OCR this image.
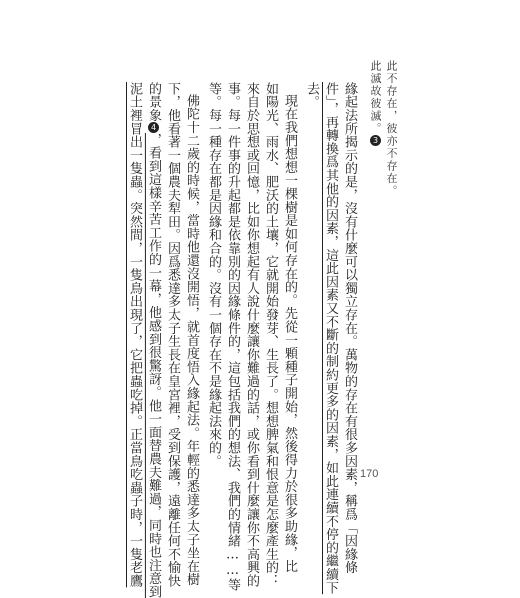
此不存在，彼亦不存在。
此滅故彼滅。3
緣起法所揭示的是，沒有什麼可以獨立存在。萬物的存在有很多因素，稱爲「因緣條
件」，再轉換爲其他的因素，這此因素又不斷的制約更多的因素，如此連續不停的繼續下
去。
現在我們想想一棵樹是如何存在的。先從一顆種子開始，然後得力於很多助緣，比
如陽光、雨水、肥沃的土壤，它就開始發芽、生長了。想想脾氣和恨意是怎麼產生的：
來自於思想或回憶，比如你想起有人說什麼讓你難過的話，或你看到什麼讓你不高興的
事。每一件事的升起都是依靠別的因緣條件的，這包括我們的想法、我們的情緒……等
等。每一種存在都是因緣和合的。沒有一個存在不是緣起法來的。
佛陀十二歲的時候，當時他還沒開悟，就首度悟入緣起法。年輕的悉達多太子坐在樹
下，他看著一個農夫犁田。因爲悉達多太子生長在皇宮裡，受到保護，遠離任何不愉快
的景象4，看到這樣辛苦工作的一幕，他感到很驚訝。他一面替農夫難過，同時也注意到
泥土裡冒出一隻蟲。突然間，一隻鳥出現了，它把蟲吃掉。正當鳥吃蟲子時，一隻老鷹	170
